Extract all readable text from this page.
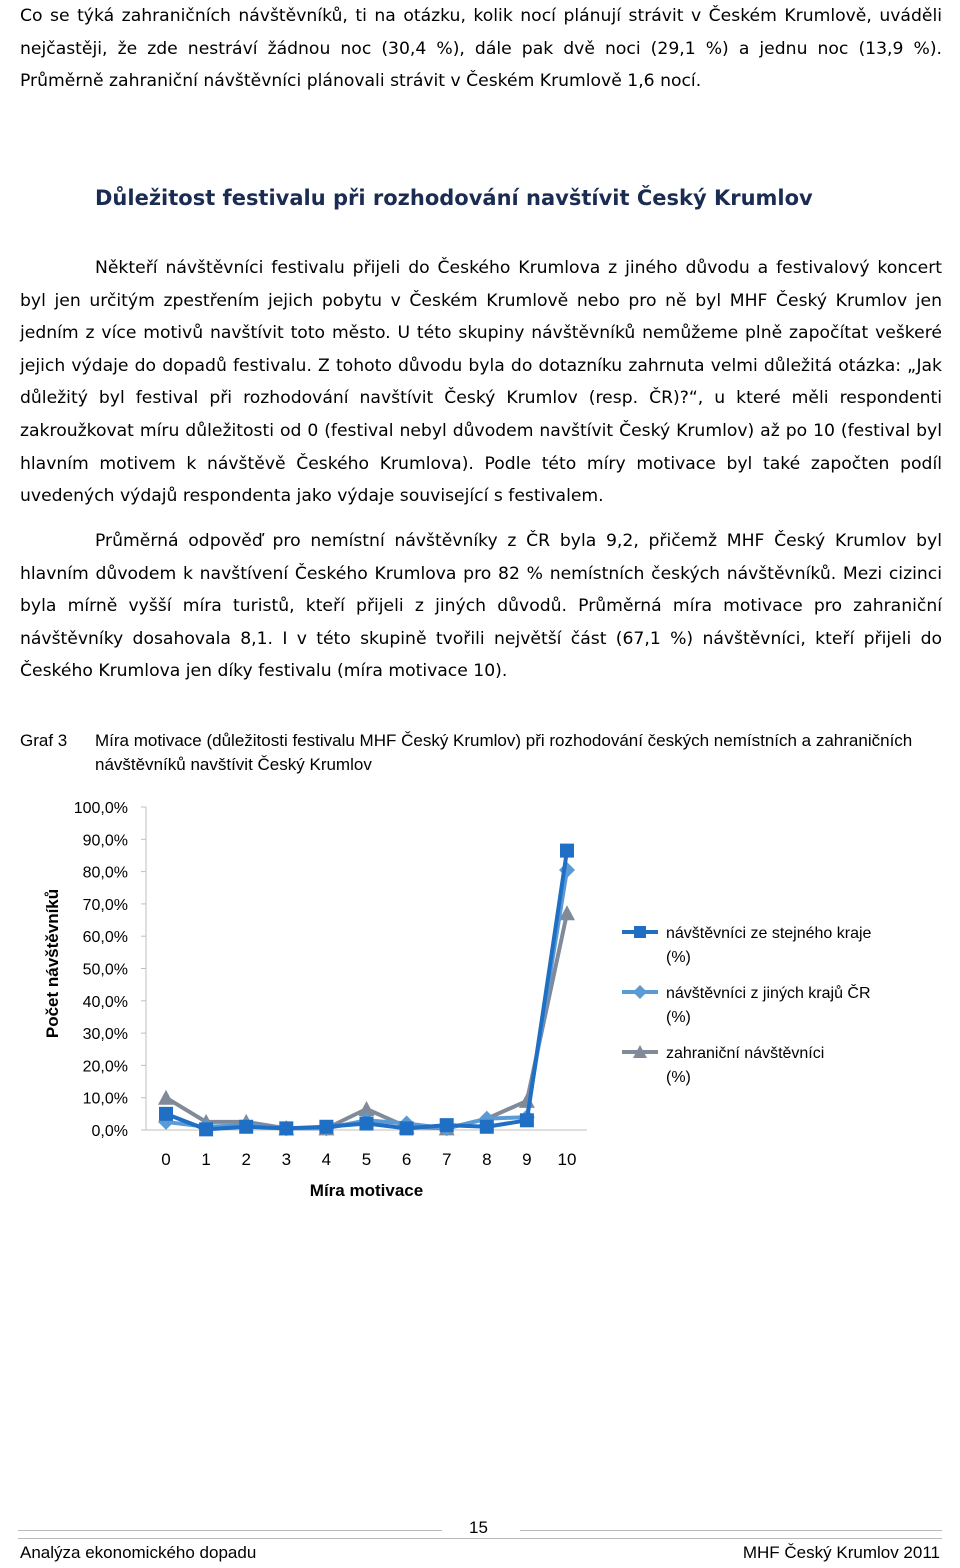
Co se týká zahraničních návštěvníků, ti na otázku, kolik nocí plánují strávit v Českém Krumlově, uváděli nejčastěji, že zde nestráví žádnou noc (30,4 %), dále pak dvě noci (29,1 %) a jednu noc (13,9 %). Průměrně zahraniční návštěvníci plánovali strávit v Českém Krumlově 1,6 nocí.

Důležitost festivalu při rozhodování navštívit Český Krumlov

Někteří návštěvníci festivalu přijeli do Českého Krumlova z jiného důvodu a festivalový koncert byl jen určitým zpestřením jejich pobytu v Českém Krumlově nebo pro ně byl MHF Český Krumlov jen jedním z více motivů navštívit toto město. U této skupiny návštěvníků nemůžeme plně započítat veškeré jejich výdaje do dopadů festivalu. Z tohoto důvodu byla do dotazníku zahrnuta velmi důležitá otázka: „Jak důležitý byl festival při rozhodování navštívit Český Krumlov (resp. ČR)?“, u které měli respondenti zakroužkovat míru důležitosti od 0 (festival nebyl důvodem navštívit Český Krumlov) až po 10 (festival byl hlavním motivem k návštěvě Českého Krumlova). Podle této míry motivace byl také započten podíl uvedených výdajů respondenta jako výdaje související s festivalem.

Průměrná odpověď pro nemístní návštěvníky z ČR byla 9,2, přičemž MHF Český Krumlov byl hlavním důvodem k navštívení Českého Krumlova pro 82 % nemístních českých návštěvníků. Mezi cizinci byla mírně vyšší míra turistů, kteří přijeli z jiných důvodů. Průměrná míra motivace pro zahraniční návštěvníky dosahovala 8,1. I v této skupině tvořili největší část (67,1 %) návštěvníci, kteří přijeli do Českého Krumlova jen díky festivalu (míra motivace 10).

Graf 3 Míra motivace (důležitosti festivalu MHF Český Krumlov) při rozhodování českých nemístních a zahraničních návštěvníků navštívit Český Krumlov
0,0%
10,0%
20,0%
30,0%
40,0%
50,0%
60,0%
70,0%
80,0%
90,0%
100,0%
0 1 2 3 4 5 6 7 8 9 10
Míra motivace
Počet návštěvníků	návštěvníci ze stejného kraje
(%)
návštěvníci z jiných krajů ČR
(%)
zahraniční návštěvníci
(%)
15
Analýza ekonomického dopadu	MHF Český Krumlov 2011
